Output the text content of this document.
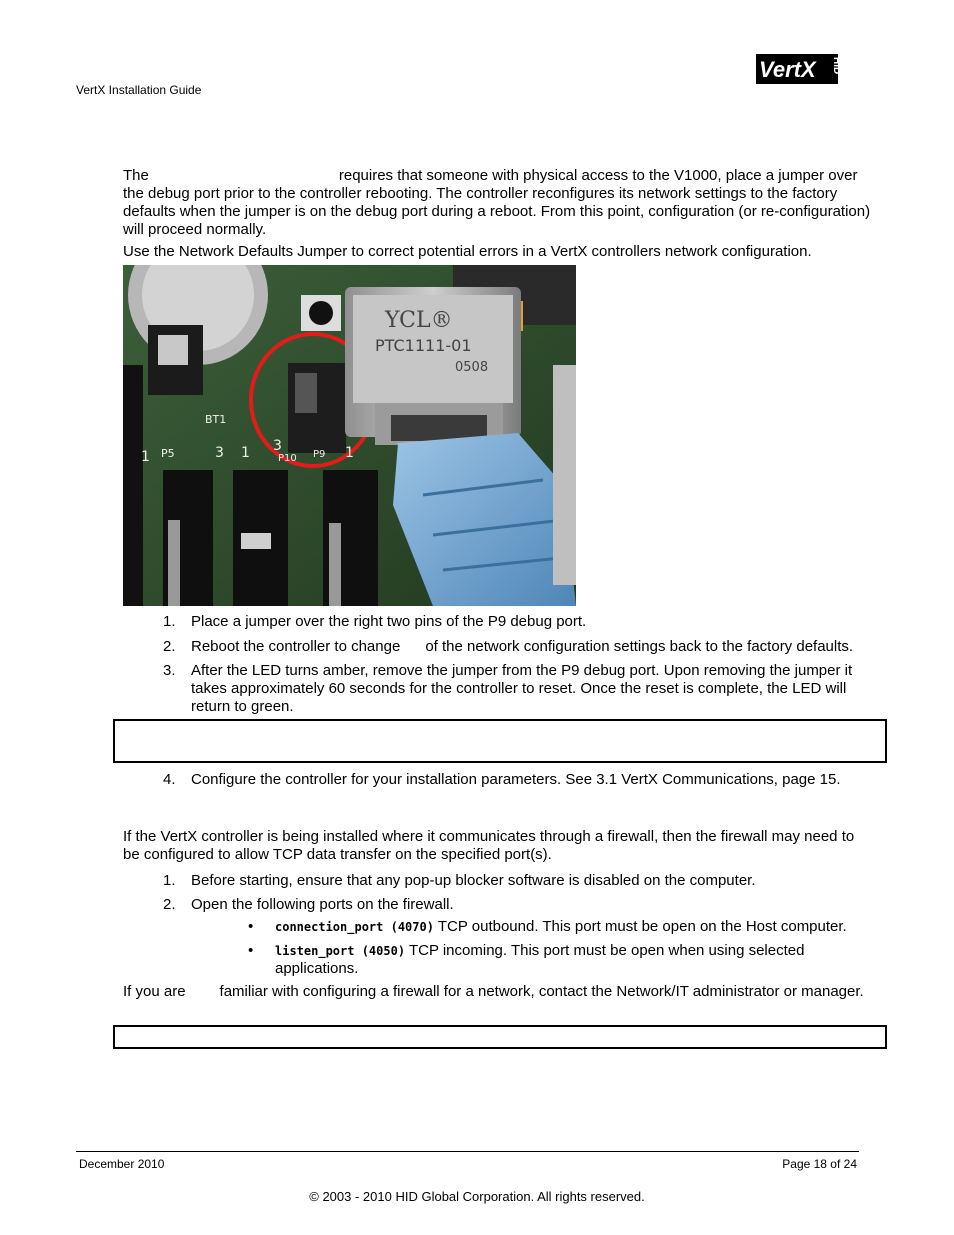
VertX Installation Guide
VertX HID
The	requires that someone with physical access to the V1000, place a jumper over the debug port prior to the controller rebooting. The controller reconfigures its network settings to the factory defaults when the jumper is on the debug port during a reboot. From this point, configuration (or re-configuration) will proceed normally.
Use the Network Defaults Jumper to correct potential errors in a VertX controllers network configuration.
YCL®
PTC1111-01
0508
BT1
1 P5	3 1 3
P10 P9 1
1.	Place a jumper over the right two pins of the P9 debug port.
2.	Reboot the controller to change of the network configuration settings back to the factory defaults.
3.	After the LED turns amber, remove the jumper from the P9 debug port. Upon removing the jumper it takes approximately 60 seconds for the controller to reset. Once the reset is complete, the LED will return to green.
4.	Configure the controller for your installation parameters. See 3.1 VertX Communications, page 15.
If the VertX controller is being installed where it communicates through a firewall, then the firewall may need to be configured to allow TCP data transfer on the specified port(s).
1.	Before starting, ensure that any pop-up blocker software is disabled on the computer.
2.	Open the following ports on the firewall.
• connection_port (4070) TCP outbound. This port must be open on the Host computer.
• listen_port (4050) TCP incoming. This port must be open when using selected applications.
If you are familiar with configuring a firewall for a network, contact the Network/IT administrator or manager.
December 2010	Page 18 of 24
© 2003 - 2010 HID Global Corporation. All rights reserved.
